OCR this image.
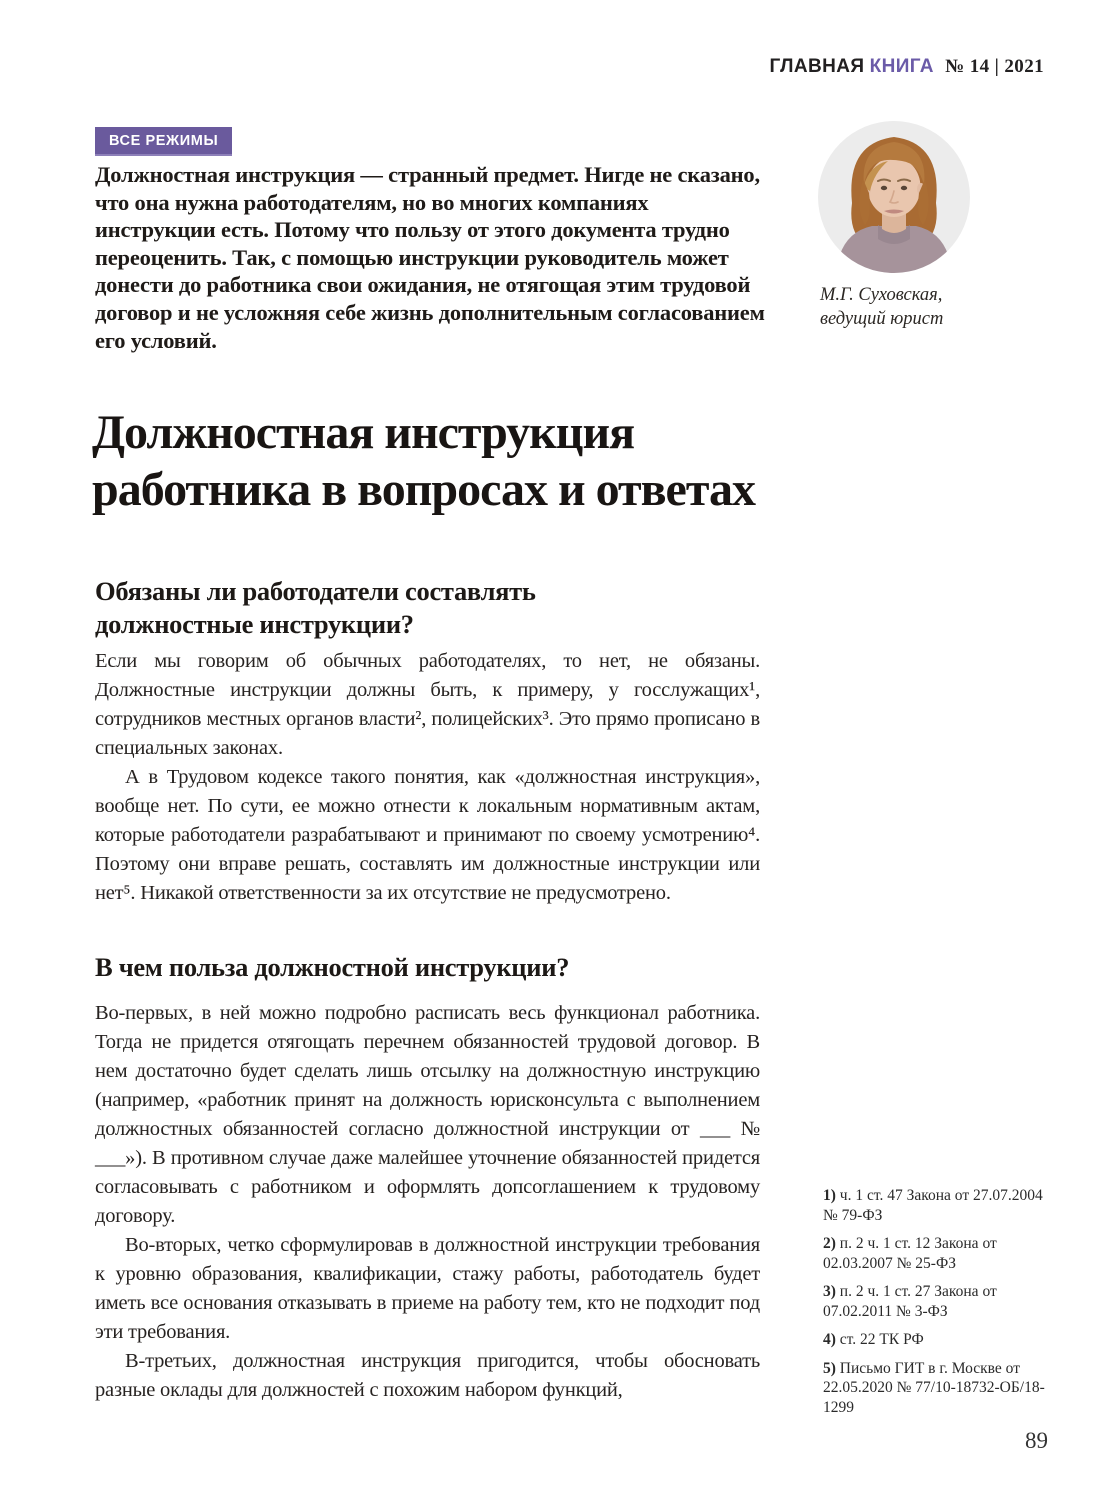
ГЛАВНАЯ КНИГА № 14 | 2021
ВСЕ РЕЖИМЫ
Должностная инструкция — странный предмет. Нигде не сказано, что она нужна работодателям, но во многих компаниях инструкции есть. Потому что пользу от этого документа трудно переоценить. Так, с помощью инструкции руководитель может донести до работника свои ожидания, не отягощая этим трудовой договор и не усложняя себе жизнь дополнительным согласованием его условий.
М.Г. Суховская,
ведущий юрист
Должностная инструкция
работника в вопросах и ответах
Обязаны ли работодатели составлять должностные инструкции?

Если мы говорим об обычных работодателях, то нет, не обязаны. Должностные инструкции должны быть, к примеру, у госслужащих¹, сотрудников местных органов власти², полицейских³. Это прямо прописано в специальных законах.

А в Трудовом кодексе такого понятия, как «должностная инструкция», вообще нет. По сути, ее можно отнести к локальным нормативным актам, которые работодатели разрабатывают и принимают по своему усмотрению⁴. Поэтому они вправе решать, составлять им должностные инструкции или нет⁵. Никакой ответственности за их отсутствие не предусмотрено.

В чем польза должностной инструкции?

Во-первых, в ней можно подробно расписать весь функционал работника. Тогда не придется отягощать перечнем обязанностей трудовой договор. В нем достаточно будет сделать лишь отсылку на должностную инструкцию (например, «работник принят на должность юрисконсульта с выполнением должностных обязанностей согласно должностной инструкции от ___ № ___»). В противном случае даже малейшее уточнение обязанностей придется согласовывать с работником и оформлять допсоглашением к трудовому договору.

Во-вторых, четко сформулировав в должностной инструкции требования к уровню образования, квалификации, стажу работы, работодатель будет иметь все основания отказывать в приеме на работу тем, кто не подходит под эти требования.

В-третьих, должностная инструкция пригодится, чтобы обосновать разные оклады для должностей с похожим набором функций,

1) ч. 1 ст. 47 Закона от 27.07.2004 № 79-ФЗ
2) п. 2 ч. 1 ст. 12 Закона от 02.03.2007 № 25-ФЗ
3) п. 2 ч. 1 ст. 27 Закона от 07.02.2011 № 3-ФЗ
4) ст. 22 ТК РФ
5) Письмо ГИТ в г. Москве от 22.05.2020 № 77/10-18732-ОБ/18-1299
89
